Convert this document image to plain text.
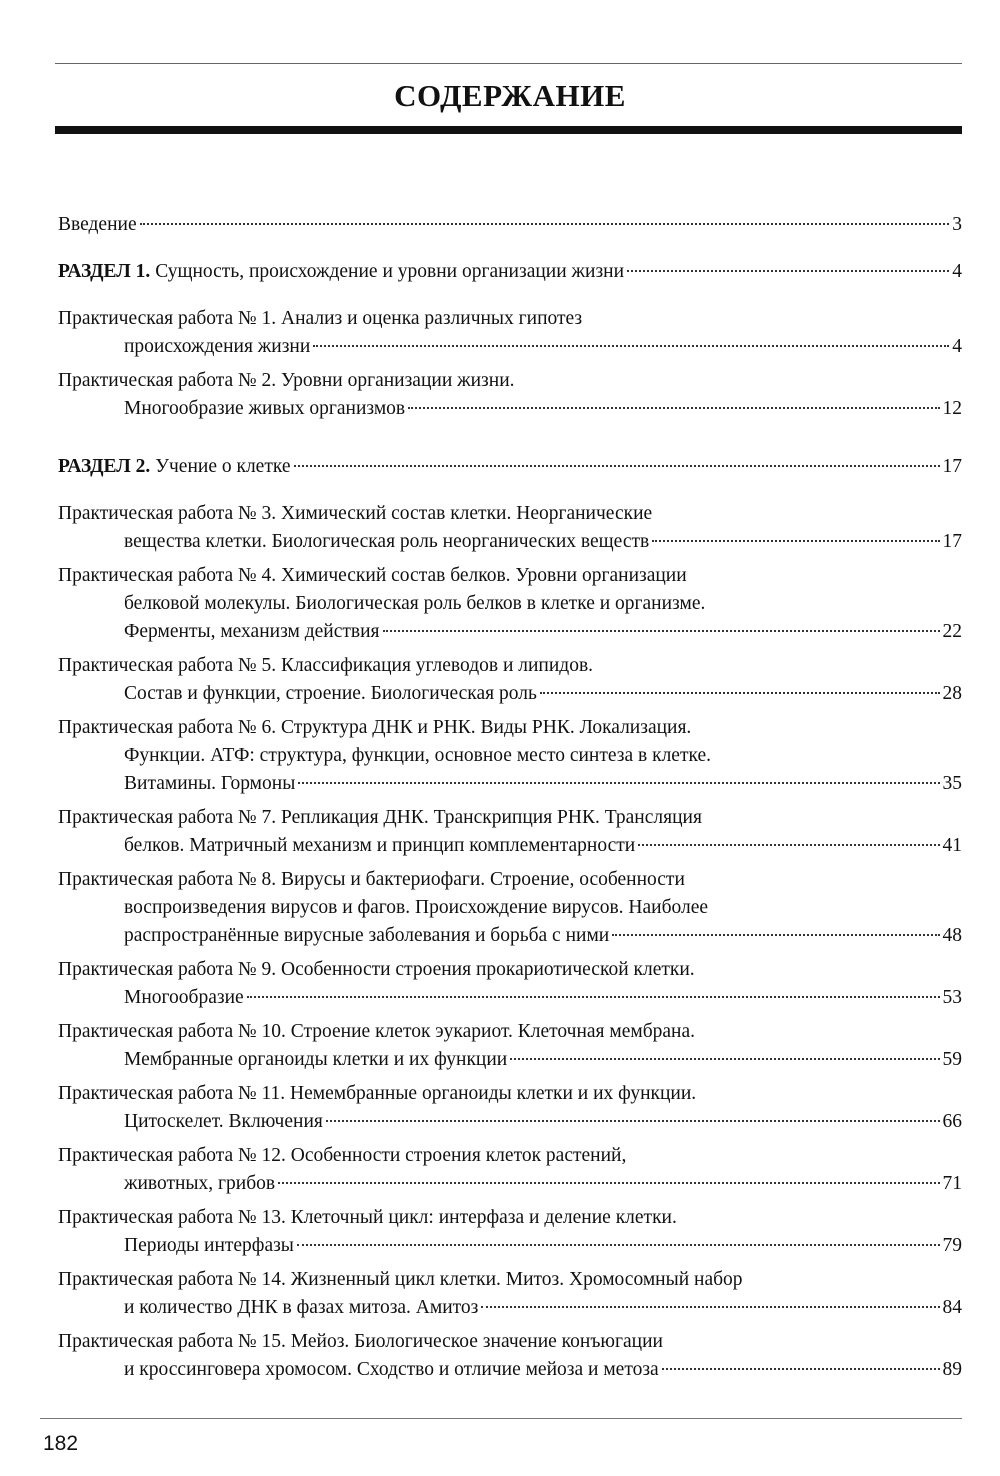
СОДЕРЖАНИЕ
Введение	3
РАЗДЕЛ 1. Сущность, происхождение и уровни организации жизни	4
Практическая работа № 1. Анализ и оценка различных гипотез
происхождения жизни	4
Практическая работа № 2. Уровни организации жизни.
Многообразие живых организмов	12
РАЗДЕЛ 2. Учение о клетке	17
Практическая работа № 3. Химический состав клетки. Неорганические
вещества клетки. Биологическая роль неорганических веществ	17
Практическая работа № 4. Химический состав белков. Уровни организации
белковой молекулы. Биологическая роль белков в клетке и организме.
Ферменты, механизм действия	22
Практическая работа № 5. Классификация углеводов и липидов.
Состав и функции, строение. Биологическая роль	28
Практическая работа № 6. Структура ДНК и РНК. Виды РНК. Локализация.
Функции. АТФ: структура, функции, основное место синтеза в клетке.
Витамины. Гормоны	35
Практическая работа № 7. Репликация ДНК. Транскрипция РНК. Трансляция
белков. Матричный механизм и принцип комплементарности	41
Практическая работа № 8. Вирусы и бактериофаги. Строение, особенности
воспроизведения вирусов и фагов. Происхождение вирусов. Наиболее
распространённые вирусные заболевания и борьба с ними	48
Практическая работа № 9. Особенности строения прокариотической клетки.
Многообразие	53
Практическая работа № 10. Строение клеток эукариот. Клеточная мембрана.
Мембранные органоиды клетки и их функции	59
Практическая работа № 11. Немембранные органоиды клетки и их функции.
Цитоскелет. Включения	66
Практическая работа № 12. Особенности строения клеток растений,
животных, грибов	71
Практическая работа № 13. Клеточный цикл: интерфаза и деление клетки.
Периоды интерфазы	79
Практическая работа № 14. Жизненный цикл клетки. Митоз. Хромосомный набор
и количество ДНК в фазах митоза. Амитоз	84
Практическая работа № 15. Мейоз. Биологическое значение конъюгации
и кроссинговера хромосом. Сходство и отличие мейоза и метоза	89
182
